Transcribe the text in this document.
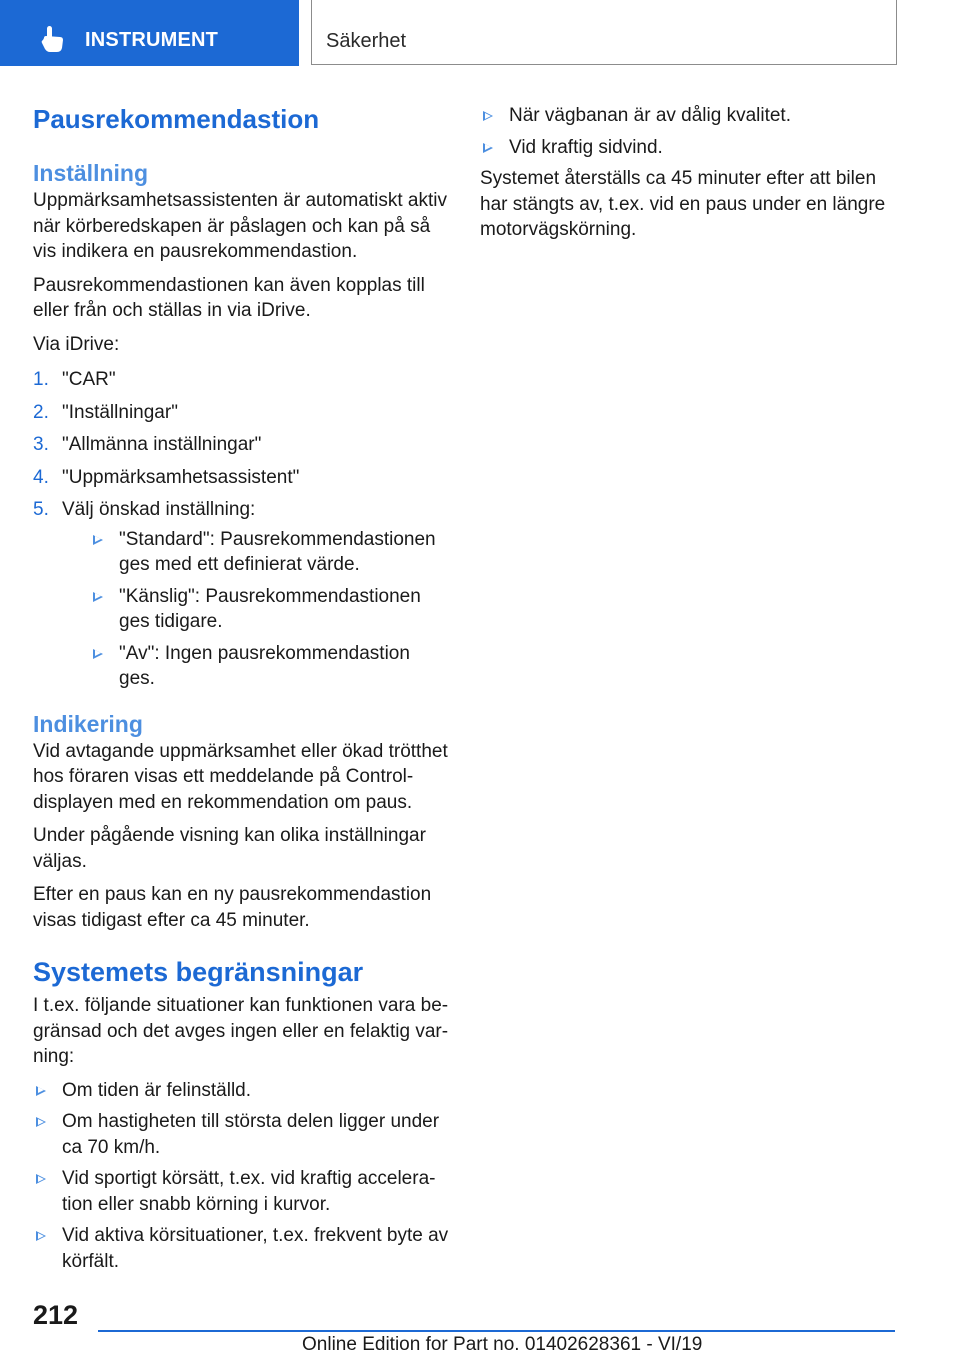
INSTRUMENT	Säkerhet
Pausrekommendastion
Inställning

Uppmärksamhetsassistenten är automatiskt aktiv när körberedskapen är påslagen och kan på så vis indikera en pausrekommendastion.

Pausrekommendastionen kan även kopplas till eller från och ställas in via iDrive.

Via iDrive:

1. "CAR"
2. "Inställningar"
3. "Allmänna inställningar"
4. "Uppmärksamhetsassistent"
5. Välj önskad inställning:
"Standard": Pausrekommendastionen ges med ett definierat värde.
"Känslig": Pausrekommendastionen ges tidigare.
"Av": Ingen pausrekommendastion ges.
Indikering

Vid avtagande uppmärksamhet eller ökad trötthet hos föraren visas ett meddelande på Control-displayen med en rekommendation om paus.

Under pågående visning kan olika inställningar väljas.

Efter en paus kan en ny pausrekommendastion visas tidigast efter ca 45 minuter.

Systemets begränsningar

I t.ex. följande situationer kan funktionen vara begränsad och det avges ingen eller en felaktig varning:

Om tiden är felinställd.
Om hastigheten till största delen ligger under ca 70 km/h.
Vid sportigt körsätt, t.ex. vid kraftig acceleration eller snabb körning i kurvor.
Vid aktiva körsituationer, t.ex. frekvent byte av körfält.
När vägbanan är av dålig kvalitet.
Vid kraftig sidvind.

Systemet återställs ca 45 minuter efter att bilen har stängts av, t.ex. vid en paus under en längre motorvägskörning.

212
Online Edition for Part no. 01402628361 - VI/19
